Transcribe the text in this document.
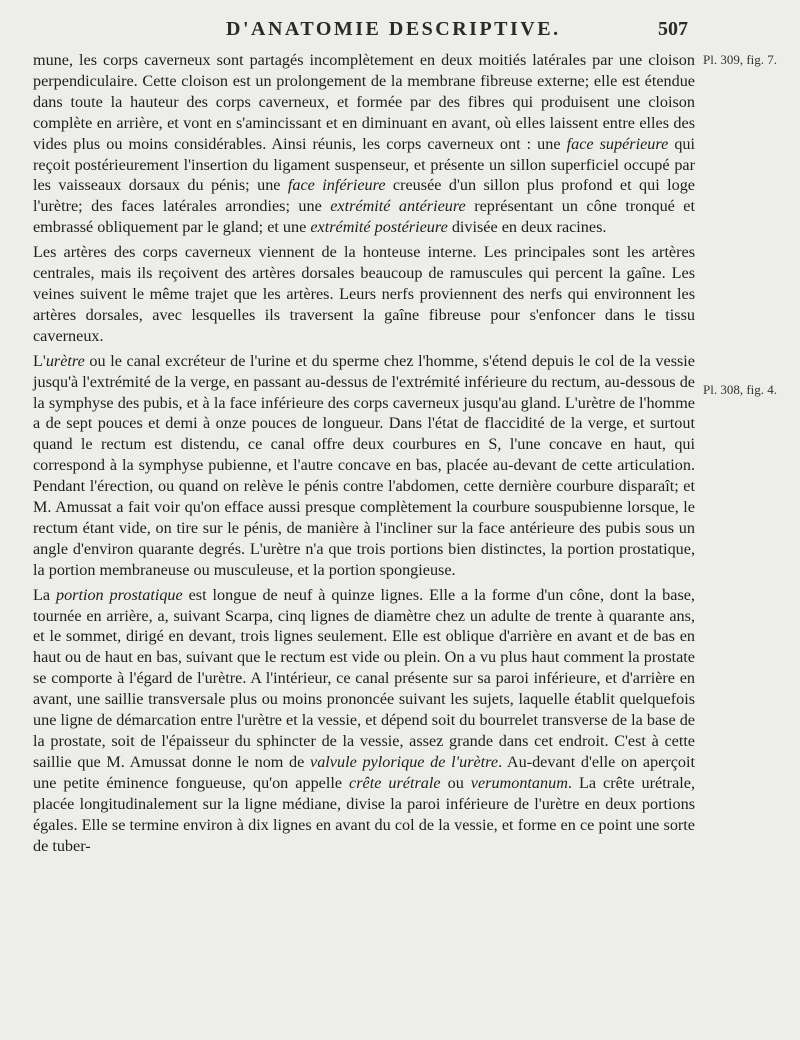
D'ANATOMIE DESCRIPTIVE.	507

mune, les corps caverneux sont partagés incomplètement en deux moitiés latérales par une cloison perpendiculaire. Cette cloison est un prolongement de la membrane fibreuse externe; elle est étendue dans toute la hauteur des corps caverneux, et formée par des fibres qui produisent une cloison complète en arrière, et vont en s'amincissant et en diminuant en avant, où elles laissent entre elles des vides plus ou moins considérables. Ainsi réunis, les corps caverneux ont : une face supérieure qui reçoit postérieurement l'insertion du ligament suspenseur, et présente un sillon superficiel occupé par les vaisseaux dorsaux du pénis; une face inférieure creusée d'un sillon plus profond et qui loge l'urètre; des faces latérales arrondies; une extrémité antérieure représentant un cône tronqué et embrassé obliquement par le gland; et une extrémité postérieure divisée en deux racines.

Les artères des corps caverneux viennent de la honteuse interne. Les principales sont les artères centrales, mais ils reçoivent des artères dorsales beaucoup de ramuscules qui percent la gaîne. Les veines suivent le même trajet que les artères. Leurs nerfs proviennent des nerfs qui environnent les artères dorsales, avec lesquelles ils traversent la gaîne fibreuse pour s'enfoncer dans le tissu caverneux.

L'urètre ou le canal excréteur de l'urine et du sperme chez l'homme, s'étend depuis le col de la vessie jusqu'à l'extrémité de la verge, en passant au-dessus de l'extrémité inférieure du rectum, au-dessous de la symphyse des pubis, et à la face inférieure des corps caverneux jusqu'au gland. L'urètre de l'homme a de sept pouces et demi à onze pouces de longueur. Dans l'état de flaccidité de la verge, et surtout quand le rectum est distendu, ce canal offre deux courbures en S, l'une concave en haut, qui correspond à la symphyse pubienne, et l'autre concave en bas, placée au-devant de cette articulation. Pendant l'érection, ou quand on relève le pénis contre l'abdomen, cette dernière courbure disparaît; et M. Amussat a fait voir qu'on efface aussi presque complètement la courbure souspubienne lorsque, le rectum étant vide, on tire sur le pénis, de manière à l'incliner sur la face antérieure des pubis sous un angle d'environ quarante degrés. L'urètre n'a que trois portions bien distinctes, la portion prostatique, la portion membraneuse ou musculeuse, et la portion spongieuse.

La portion prostatique est longue de neuf à quinze lignes. Elle a la forme d'un cône, dont la base, tournée en arrière, a, suivant Scarpa, cinq lignes de diamètre chez un adulte de trente à quarante ans, et le sommet, dirigé en devant, trois lignes seulement. Elle est oblique d'arrière en avant et de bas en haut ou de haut en bas, suivant que le rectum est vide ou plein. On a vu plus haut comment la prostate se comporte à l'égard de l'urètre. A l'intérieur, ce canal présente sur sa paroi inférieure, et d'arrière en avant, une saillie transversale plus ou moins prononcée suivant les sujets, laquelle établit quelquefois une ligne de démarcation entre l'urètre et la vessie, et dépend soit du bourrelet transverse de la base de la prostate, soit de l'épaisseur du sphincter de la vessie, assez grande dans cet endroit. C'est à cette saillie que M. Amussat donne le nom de valvule pylorique de l'urètre. Au-devant d'elle on aperçoit une petite éminence fongueuse, qu'on appelle crête urétrale ou verumontanum. La crête urétrale, placée longitudinalement sur la ligne médiane, divise la paroi inférieure de l'urètre en deux portions égales. Elle se termine environ à dix lignes en avant du col de la vessie, et forme en ce point une sorte de tuber-

Pl. 309, fig. 7.
Pl. 308, fig. 4.
